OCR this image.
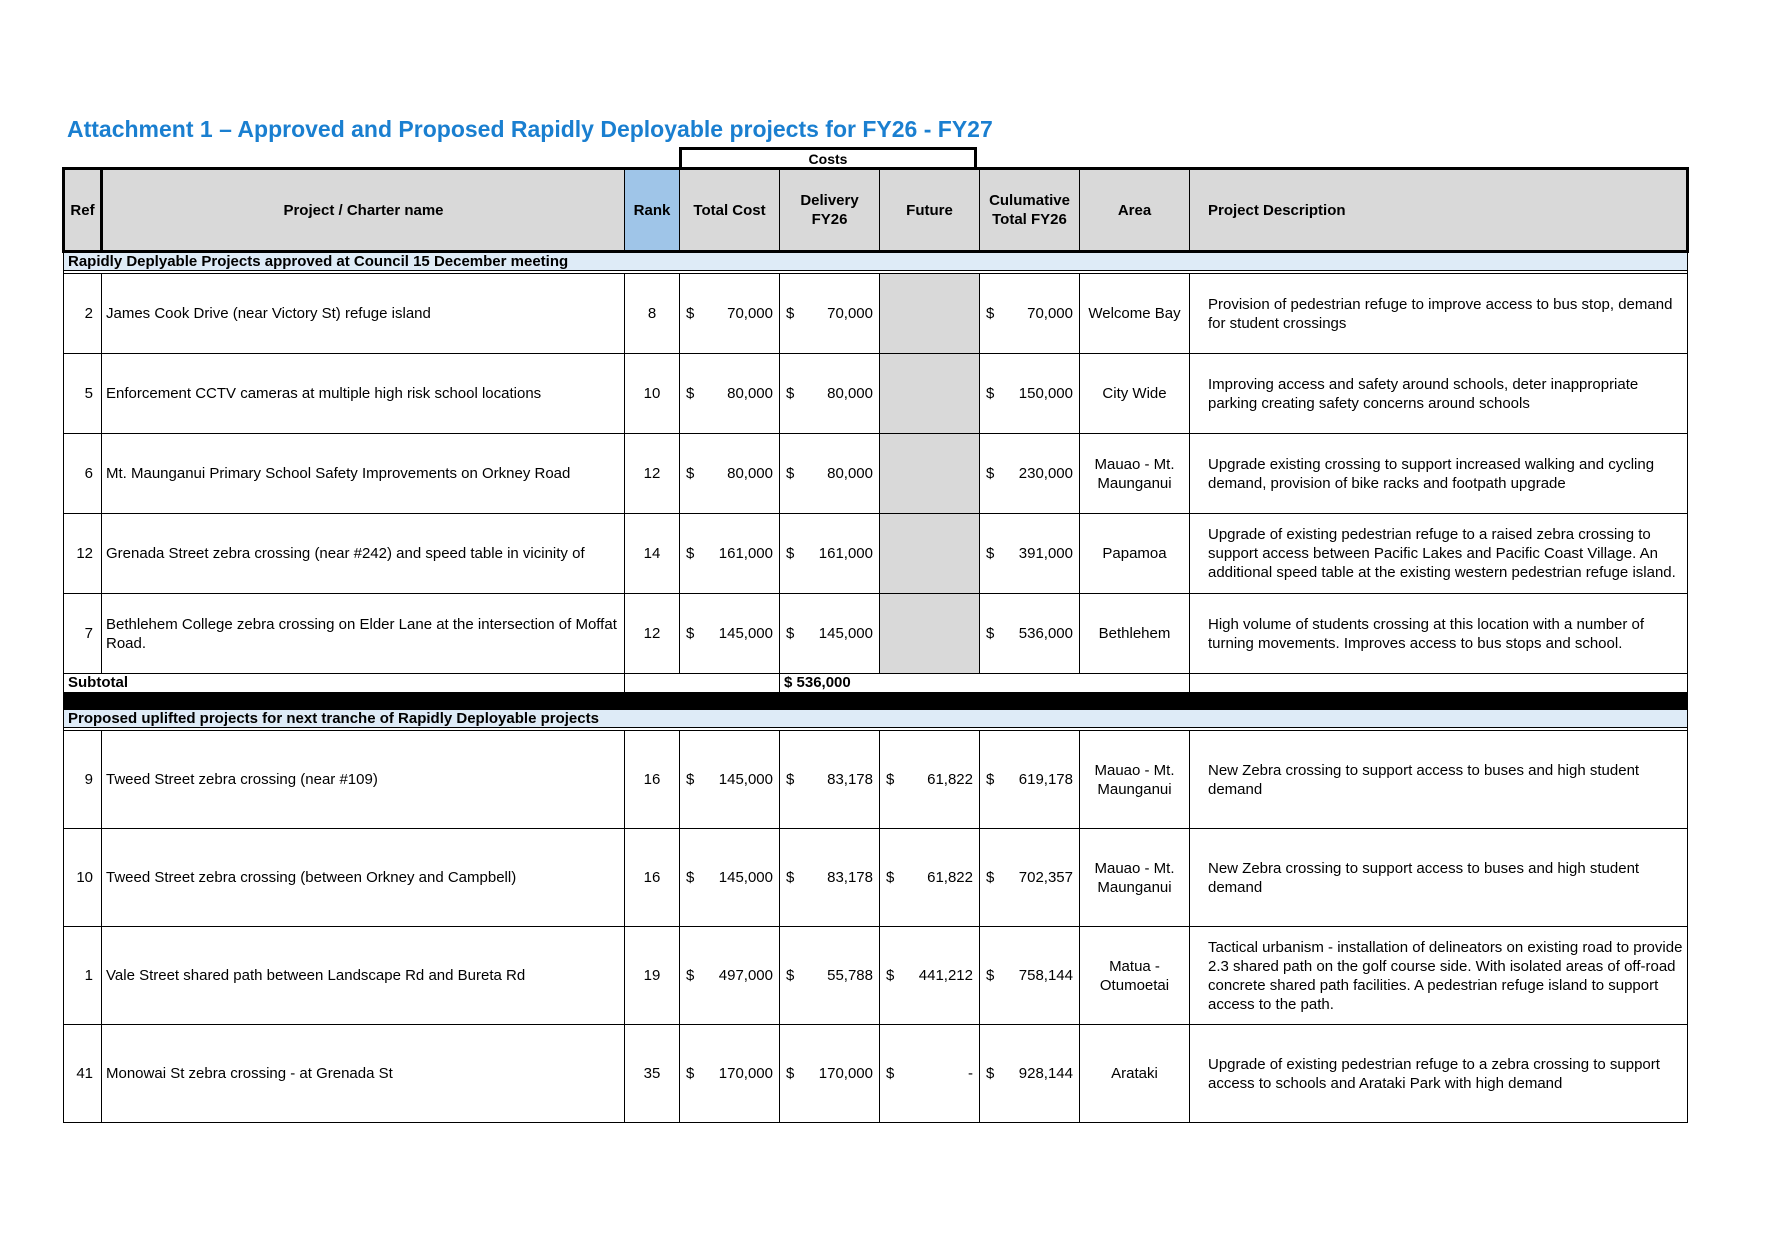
Attachment 1 – Approved and Proposed Rapidly Deployable projects for FY26 - FY27
Costs
Ref	Project / Charter name	Rank	Total Cost	Delivery FY26	Future	Culumative Total FY26	Area	Project Description
Rapidly Deplyable Projects approved at Council 15 December meeting								

2	James Cook Drive (near Victory St) refuge island	8	$ 70,000	$ 70,000		$ 70,000	Welcome Bay	Provision of pedestrian refuge to improve access to bus stop, demand for student crossings
5	Enforcement CCTV cameras at multiple high risk school locations	10	$ 80,000	$ 80,000		$ 150,000	City Wide	Improving access and safety around schools, deter inappropriate parking creating safety concerns around schools
6	Mt. Maunganui Primary School Safety Improvements on Orkney Road	12	$ 80,000	$ 80,000		$ 230,000	Mauao - Mt. Maunganui	Upgrade existing crossing to support increased walking and cycling demand, provision of bike racks and footpath upgrade
12	Grenada Street zebra crossing (near #242) and speed table in vicinity of	14	$ 161,000	$ 161,000		$ 391,000	Papamoa	Upgrade of existing pedestrian refuge to a raised zebra crossing to support access between Pacific Lakes and Pacific Coast Village. An additional speed table at the existing western pedestrian refuge island.
7	Bethlehem College zebra crossing on Elder Lane at the intersection of Moffat Road.	12	$ 145,000	$ 145,000		$ 536,000	Bethlehem	High volume of students crossing at this location with a number of turning movements. Improves access to bus stops and school.
Subtotal				$ 536,000				

Proposed uplifted projects for next tranche of Rapidly Deployable projects								

9	Tweed Street zebra crossing (near #109)	16	$ 145,000	$ 83,178	$ 61,822	$ 619,178	Mauao - Mt. Maunganui	New Zebra crossing to support access to buses and high student demand
10	Tweed Street zebra crossing (between Orkney and Campbell)	16	$ 145,000	$ 83,178	$ 61,822	$ 702,357	Mauao - Mt. Maunganui	New Zebra crossing to support access to buses and high student demand
1	Vale Street shared path between Landscape Rd and Bureta Rd	19	$ 497,000	$ 55,788	$ 441,212	$ 758,144	Matua - Otumoetai	Tactical urbanism - installation of delineators on existing road to provide 2.3 shared path on the golf course side. With isolated areas of off-road concrete shared path facilities. A pedestrian refuge island to support access to the path.
41	Monowai St zebra crossing - at Grenada St	35	$ 170,000	$ 170,000	$ -	$ 928,144	Arataki	Upgrade of existing pedestrian refuge to a zebra crossing to support access to schools and Arataki Park with high demand
